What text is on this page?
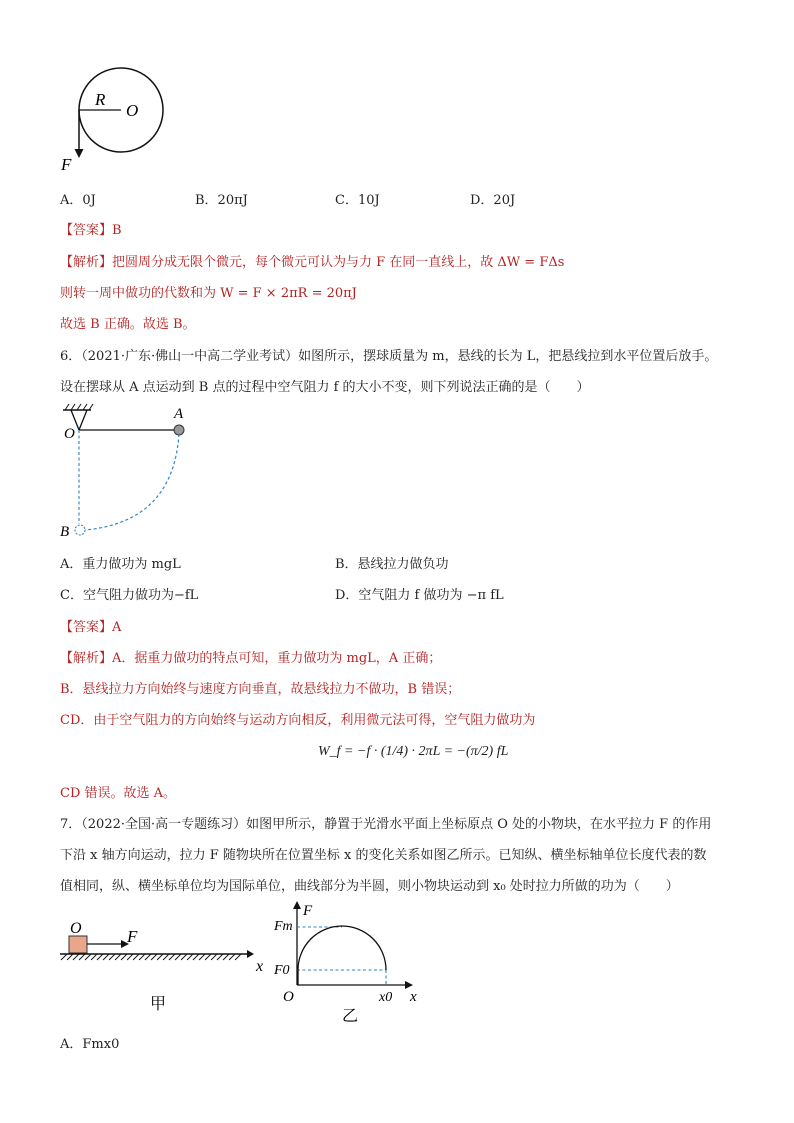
R
O
F
A．0J	B．20πJ	C．10J	D．20J
【答案】B
【解析】把圆周分成无限个微元，每个微元可认为与力 F 在同一直线上，故 ΔW = FΔs
则转一周中做功的代数和为 W = F × 2πR = 20πJ
故选 B 正确。故选 B。
6．（2021·广东·佛山一中高二学业考试）如图所示，摆球质量为 m，悬线的长为 L，把悬线拉到水平位置后放手。
设在摆球从 A 点运动到 B 点的过程中空气阻力 f 的大小不变，则下列说法正确的是（　　）
O
A
B
A．重力做功为 mgL	B．悬线拉力做负功
C．空气阻力做功为−fL	D．空气阻力 f 做功为 −π fL
【答案】A
【解析】A．据重力做功的特点可知，重力做功为 mgL，A 正确；
B．悬线拉力方向始终与速度方向垂直，故悬线拉力不做功，B 错误；
CD．由于空气阻力的方向始终与运动方向相反，利用微元法可得，空气阻力做功为
W_f = −f · (1/4) · 2πL = −(π/2) fL
CD 错误。故选 A。
7．（2022·全国·高一专题练习）如图甲所示，静置于光滑水平面上坐标原点 O 处的小物块，在水平拉力 F 的作用
下沿 x 轴方向运动，拉力 F 随物块所在位置坐标 x 的变化关系如图乙所示。已知纵、横坐标轴单位长度代表的数
值相同，纵、横坐标单位均为国际单位，曲线部分为半圆，则小物块运动到 x₀ 处时拉力所做的功为（　　）
O	F
x
甲
F
Fm
F0
O	x0 x
乙
A．Fmx0
